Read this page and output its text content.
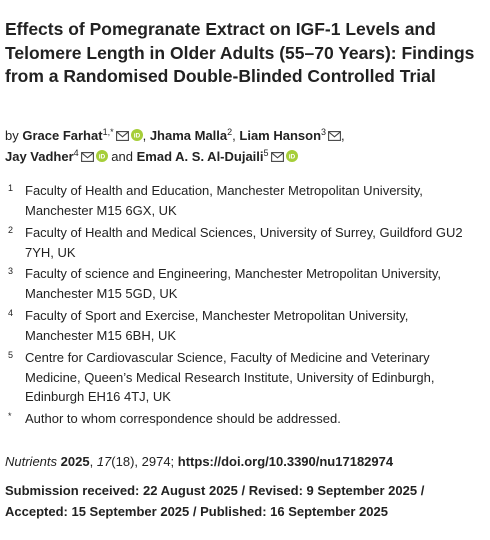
Effects of Pomegranate Extract on IGF-1 Levels and Telomere Length in Older Adults (55–70 Years): Findings from a Randomised Double-Blinded Controlled Trial
by Grace Farhat$^{1,*}$	iD , Jhama Malla$^2$, Liam Hanson$^3$ ,
Jay Vadher$^4$	iD and Emad A. S. Al-Dujaili$^5$	iD
1 Faculty of Health and Education, Manchester Metropolitan University, Manchester M15 6GX, UK
2 Faculty of Health and Medical Sciences, University of Surrey, Guildford GU2 7YH, UK
3 Faculty of science and Engineering, Manchester Metropolitan University, Manchester M15 5GD, UK
4 Faculty of Sport and Exercise, Manchester Metropolitan University, Manchester M15 6BH, UK
5 Centre for Cardiovascular Science, Faculty of Medicine and Veterinary Medicine, Queen’s Medical Research Institute, University of Edinburgh, Edinburgh EH16 4TJ, UK
*	Author to whom correspondence should be addressed.
Nutrients 2025, 17(18), 2974; https://doi.org/10.3390/nu17182974
Submission received: 22 August 2025 / Revised: 9 September 2025 /
Accepted: 15 September 2025 / Published: 16 September 2025
